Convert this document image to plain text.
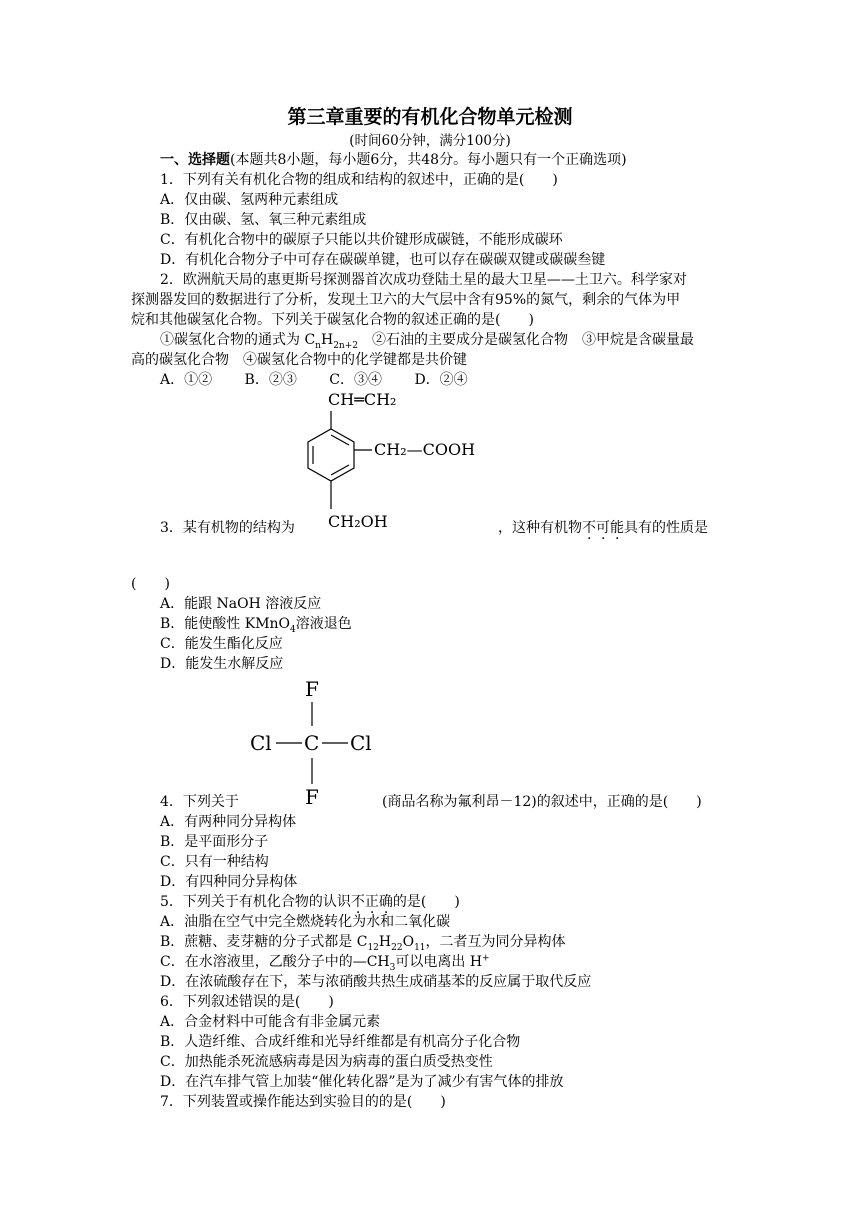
第三章重要的有机化合物单元检测
(时间60分钟，满分100分)
一、选择题(本题共8小题，每小题6分，共48分。每小题只有一个正确选项)
1．下列有关有机化合物的组成和结构的叙述中，正确的是(　　)
A．仅由碳、氢两种元素组成
B．仅由碳、氢、氧三种元素组成
C．有机化合物中的碳原子只能以共价键形成碳链，不能形成碳环
D．有机化合物分子中可存在碳碳单键，也可以存在碳碳双键或碳碳叁键
2．欧洲航天局的惠更斯号探测器首次成功登陆土星的最大卫星——土卫六。科学家对
探测器发回的数据进行了分析，发现土卫六的大气层中含有95%的氮气，剩余的气体为甲
烷和其他碳氢化合物。下列关于碳氢化合物的叙述正确的是(　　)
①碳氢化合物的通式为 $C_nH_{2n+2}$　②石油的主要成分是碳氢化合物　③甲烷是含碳量最
高的碳氢化合物　④碳氢化合物中的化学键都是共价键
A．①②　　 B．②③　　 C．③④　　 D．②④
CH═CH₂
CH₂—COOH
CH₂OH
3．某有机物的结构为	，这种有机物不可能具有的性质是
(　　)
A．能跟 NaOH 溶液反应
B．能使酸性 KMnO$_4$溶液退色
C．能发生酯化反应
D．能发生水解反应
F
Cl C Cl
F
4．下列关于	(商品名称为氟利昂－12)的叙述中，正确的是(　　)
A．有两种同分异构体
B．是平面形分子
C．只有一种结构
D．有四种同分异构体
5．下列关于有机化合物的认识不正确的是(　　)
A．油脂在空气中完全燃烧转化为水和二氧化碳
B．蔗糖、麦芽糖的分子式都是 $C_{12}H_{22}O_{11}$，二者互为同分异构体
C．在水溶液里，乙酸分子中的$—CH_3$可以电离出 H+
D．在浓硫酸存在下，苯与浓硝酸共热生成硝基苯的反应属于取代反应
6．下列叙述错误的是(　　)
A．合金材料中可能含有非金属元素
B．人造纤维、合成纤维和光导纤维都是有机高分子化合物
C．加热能杀死流感病毒是因为病毒的蛋白质受热变性
D．在汽车排气管上加装“催化转化器”是为了减少有害气体的排放
7．下列装置或操作能达到实验目的的是(　　)
